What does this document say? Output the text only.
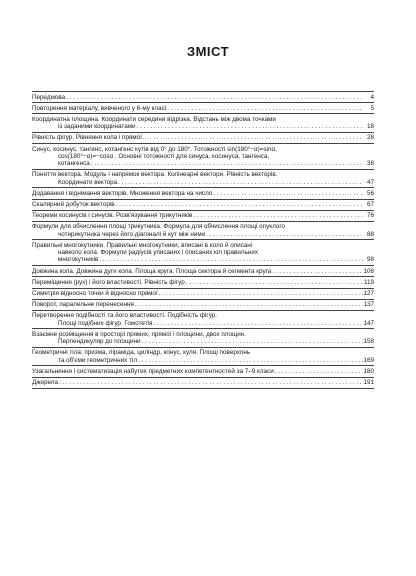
ЗМІСТ
Передмова . . .	4
Повторення матеріалу, вивченого у 8-му класі . . .	5
Координатна площина. Координати середини відрізка. Відстань між двома точками
із заданими координатами . . .	18
Рівність фігур. Рівняння кола і прямої . . .	28
Синус, косинус, тангенс, котангенс кутів від 0° до 180°. Тотожності sin(180°−α)=sinα,
cos(180°−α)=−cosα . Основні тотожності для синуса, косинуса, тангенса,
котангенса . . .	38
Поняття вектора. Модуль і напрямок вектора. Колінеарні вектори. Рівність векторів.
Координати вектора . . .	47
Додавання і віднімання векторів. Множення вектора на число . . .	56
Скалярний добуток векторів . . .	67
Теореми косинусів і синусів. Розв'язування трикутників . . .	76
Формули для обчислення площі трикутника. Формула для обчислення площі опуклого
чотирикутника через його діагоналі й кут між ними . . .	88
Правильні многокутники. Правильні многокутники, вписані в коло й описані
навколо кола. Формули радіусів уписаних і описаних кіл правильних
многокутників . . .	98
Довжина кола. Довжина дуги кола. Площа круга. Площа сектора й сегмента круга . . .	108
Переміщення (рух) і його властивості. Рівність фігур . . .	119
Симетрія відносно точки й відносно прямої . . .	127
Поворот, паралельне перенесення . . .	137
Перетворення подібності та його властивості. Подібність фігур.
Площі подібних фігур. Гомотетія . . .	147
Взаємне розміщення в просторі прямих, прямої і площини, двох площин.
Перпендикуляр до площини . . .	158
Геометричні тіла: призма, піраміда, циліндр, конус, куля. Площі поверхонь
та об'єми геометричних тіл . . .	169
Узагальнення і систематизація набутих предметних компетентностей за 7–9 класи . . .	180
Джерела . . .	191
